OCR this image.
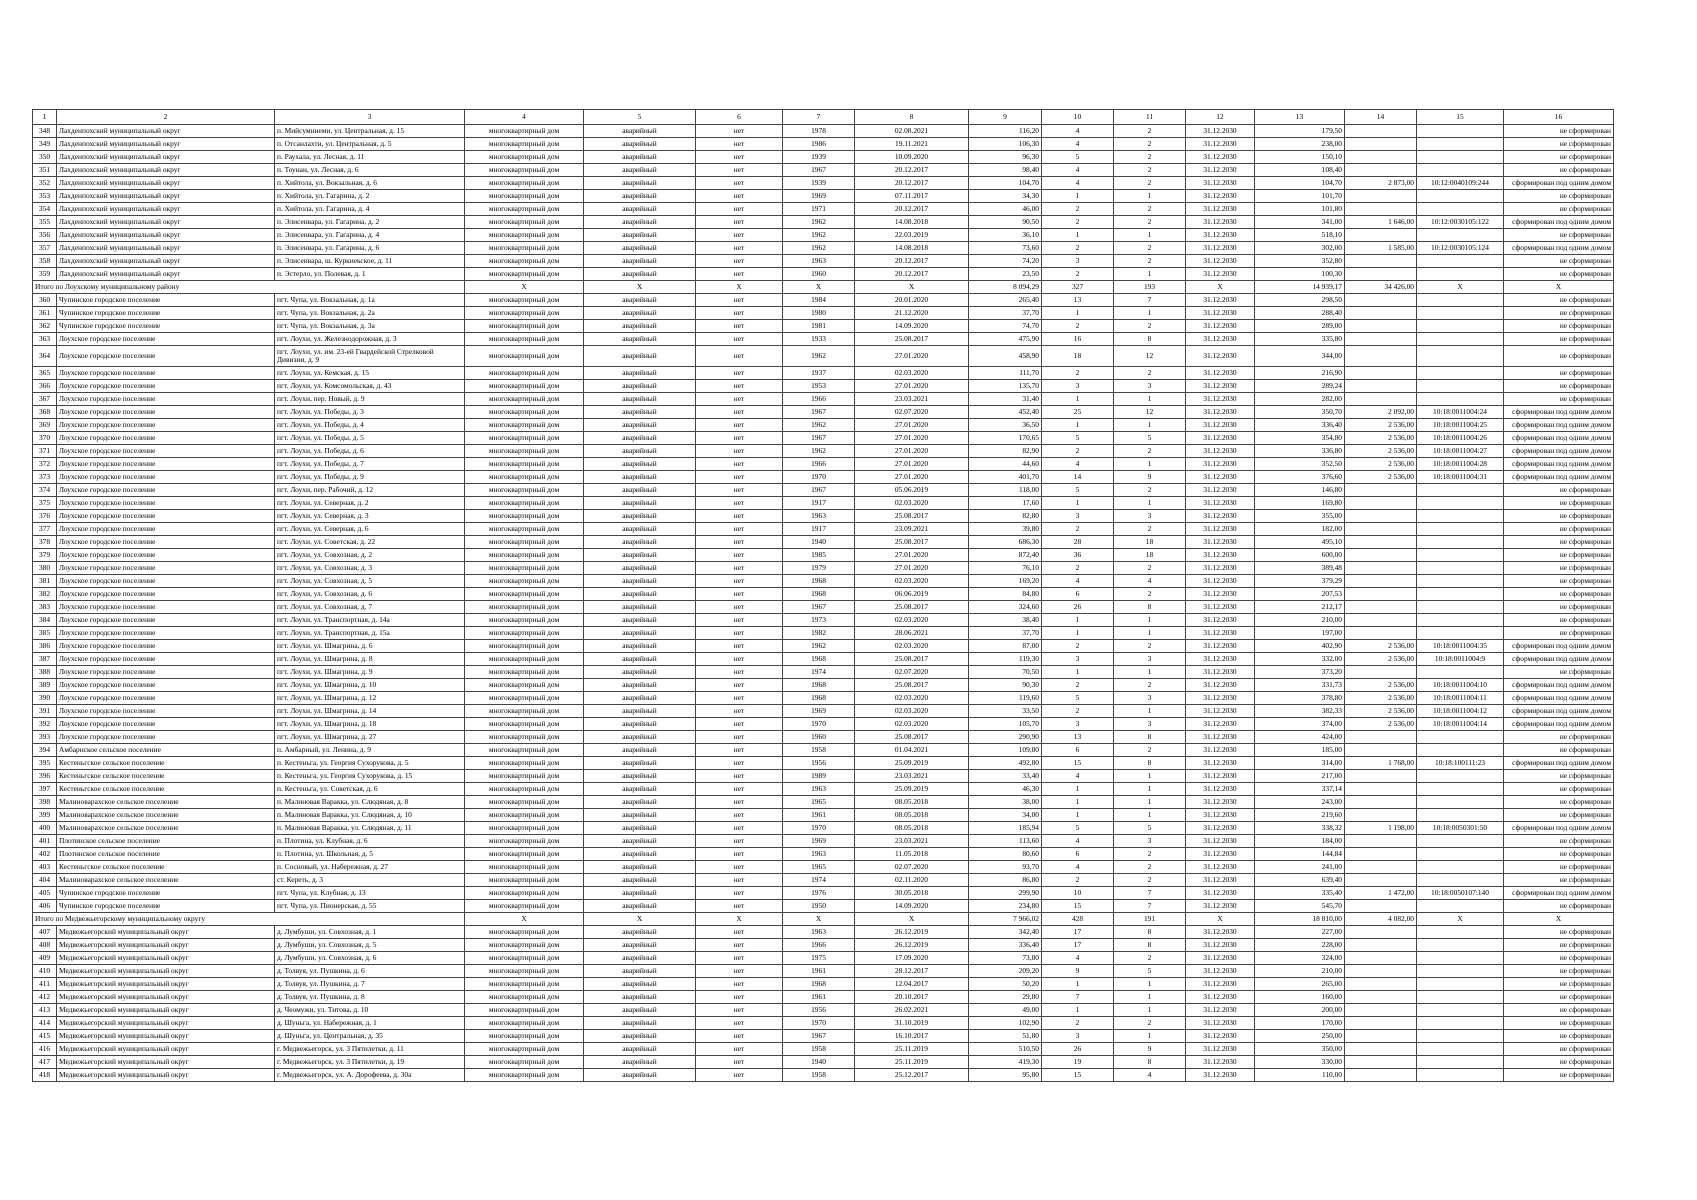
1	2	3	4	5	6	7	8	9	10	11	12	13	14	15	16
348	Лахденпохский муниципальный округ	п. Мийсумниеми, ул. Центральная, д. 15	многоквартирный дом	аварийный	нет	1978	02.08.2021	116,20	4	2	31.12.2030	179,50			не сформирован
349	Лахденпохский муниципальный округ	п. Отсанлахти, ул. Центральная, д. 5	многоквартирный дом	аварийный	нет	1986	19.11.2021	106,30	4	2	31.12.2030	238,00			не сформирован
350	Лахденпохский муниципальный округ	п. Раухала, ул. Лесная, д. 11	многоквартирный дом	аварийный	нет	1939	10.09.2020	96,30	5	2	31.12.2030	150,10			не сформирован
351	Лахденпохский муниципальный округ	п. Тоунан, ул. Лесная, д. 6	многоквартирный дом	аварийный	нет	1967	20.12.2017	98,40	4	2	31.12.2030	108,40			не сформирован
352	Лахденпохский муниципальный округ	п. Хийтола, ул. Вокзальная, д. 6	многоквартирный дом	аварийный	нет	1939	20.12.2017	104,70	4	2	31.12.2030	104,70	2 873,00	10:12:0040109:244	сформирован под одним домом
353	Лахденпохский муниципальный округ	п. Хийтола, ул. Гагарина, д. 2	многоквартирный дом	аварийный	нет	1969	07.11.2017	34,30	1	1	31.12.2030	101,70			не сформирован
354	Лахденпохский муниципальный округ	п. Хийтола, ул. Гагарина, д. 4	многоквартирный дом	аварийный	нет	1971	20.12.2017	46,00	2	2	31.12.2030	101,80			не сформирован
355	Лахденпохский муниципальный округ	п. Элисенвара, ул. Гагарина, д. 2	многоквартирный дом	аварийный	нет	1962	14.08.2018	90,50	2	2	31.12.2030	341,00	1 646,00	10:12:0030105:122	сформирован под одним домом
356	Лахденпохский муниципальный округ	п. Элисенвара, ул. Гагарина, д. 4	многоквартирный дом	аварийный	нет	1962	22.03.2019	36,10	1	1	31.12.2030	518,10			не сформирован
357	Лахденпохский муниципальный округ	п. Элисенвара, ул. Гагарина, д. 6	многоквартирный дом	аварийный	нет	1962	14.08.2018	73,60	2	2	31.12.2030	302,00	1 585,00	10:12:0030105:124	сформирован под одним домом
358	Лахденпохский муниципальный округ	п. Элисенвара, ш. Куркиекское, д. 11	многоквартирный дом	аварийный	нет	1963	20.12.2017	74,20	3	2	31.12.2030	352,80			не сформирован
359	Лахденпохский муниципальный округ	п. Эстерло, ул. Полевая, д. 1	многоквартирный дом	аварийный	нет	1960	20.12.2017	23,50	2	1	31.12.2030	100,30			не сформирован
Итого по Лоухскому муниципальному району			X	X	X	X	X	8 094,29	327	193	X	14 939,17	34 426,00	X	X
360	Чупинское городское поселение	пгт. Чупа, ул. Вокзальная, д. 1а	многоквартирный дом	аварийный	нет	1984	20.01.2020	265,40	13	7	31.12.2030	298,50			не сформирован
361	Чупинское городское поселение	пгт. Чупа, ул. Вокзальная, д. 2а	многоквартирный дом	аварийный	нет	1980	21.12.2020	37,70	1	1	31.12.2030	288,40			не сформирован
362	Чупинское городское поселение	пгт. Чупа, ул. Вокзальная, д. 3а	многоквартирный дом	аварийный	нет	1981	14.09.2020	74,70	2	2	31.12.2030	289,00			не сформирован
363	Лоухское городское поселение	пгт. Лоухи, ул. Железнодорожная, д. 3	многоквартирный дом	аварийный	нет	1933	25.08.2017	475,90	16	8	31.12.2030	335,80			не сформирован
364	Лоухское городское поселение	пгт. Лоухи, ул. им. 23-ей Гвардейской Стрелковой Дивизии, д. 9	многоквартирный дом	аварийный	нет	1962	27.01.2020	458,90	18	12	31.12.2030	344,00			не сформирован
365	Лоухское городское поселение	пгт. Лоухи, ул. Кемская, д. 15	многоквартирный дом	аварийный	нет	1937	02.03.2020	111,70	2	2	31.12.2030	216,90			не сформирован
366	Лоухское городское поселение	пгт. Лоухи, ул. Комсомольская, д. 43	многоквартирный дом	аварийный	нет	1953	27.01.2020	135,70	3	3	31.12.2030	289,24			не сформирован
367	Лоухское городское поселение	пгт. Лоухи, пер. Новый, д. 9	многоквартирный дом	аварийный	нет	1966	23.03.2021	31,40	1	1	31.12.2030	282,00			не сформирован
368	Лоухское городское поселение	пгт. Лоухи, ул. Победы, д. 3	многоквартирный дом	аварийный	нет	1967	02.07.2020	452,40	25	12	31.12.2030	350,70	2 092,00	10:18:0011004:24	сформирован под одним домом
369	Лоухское городское поселение	пгт. Лоухи, ул. Победы, д. 4	многоквартирный дом	аварийный	нет	1962	27.01.2020	36,50	1	1	31.12.2030	336,40	2 536,00	10:18:0011004:25	сформирован под одним домом
370	Лоухское городское поселение	пгт. Лоухи, ул. Победы, д. 5	многоквартирный дом	аварийный	нет	1967	27.01.2020	170,65	5	5	31.12.2030	354,80	2 536,00	10:18:0011004:26	сформирован под одним домом
371	Лоухское городское поселение	пгт. Лоухи, ул. Победы, д. 6	многоквартирный дом	аварийный	нет	1962	27.01.2020	82,90	2	2	31.12.2030	336,80	2 536,00	10:18:0011004:27	сформирован под одним домом
372	Лоухское городское поселение	пгт. Лоухи, ул. Победы, д. 7	многоквартирный дом	аварийный	нет	1966	27.01.2020	44,60	4	1	31.12.2030	352,50	2 536,00	10:18:0011004:28	сформирован под одним домом
373	Лоухское городское поселение	пгт. Лоухи, ул. Победы, д. 9	многоквартирный дом	аварийный	нет	1970	27.01.2020	401,70	14	9	31.12.2030	376,60	2 536,00	10:18:0011004:31	сформирован под одним домом
374	Лоухское городское поселение	пгт. Лоухи, пер. Рабочий, д. 12	многоквартирный дом	аварийный	нет	1967	05.06.2019	118,00	5	2	31.12.2030	146,80			не сформирован
375	Лоухское городское поселение	пгт. Лоухи, ул. Северная, д. 2	многоквартирный дом	аварийный	нет	1917	02.03.2020	17,60	1	1	31.12.2030	169,80			не сформирован
376	Лоухское городское поселение	пгт. Лоухи, ул. Северная, д. 3	многоквартирный дом	аварийный	нет	1963	25.08.2017	82,80	3	3	31.12.2030	355,00			не сформирован
377	Лоухское городское поселение	пгт. Лоухи, ул. Северная, д. 6	многоквартирный дом	аварийный	нет	1917	23.09.2021	39,80	2	2	31.12.2030	182,00			не сформирован
378	Лоухское городское поселение	пгт. Лоухи, ул. Советская, д. 22	многоквартирный дом	аварийный	нет	1940	25.08.2017	686,30	28	18	31.12.2030	495,10			не сформирован
379	Лоухское городское поселение	пгт. Лоухи, ул. Совхозная, д. 2	многоквартирный дом	аварийный	нет	1985	27.01.2020	872,40	36	18	31.12.2030	600,00			не сформирован
380	Лоухское городское поселение	пгт. Лоухи, ул. Совхозная, д. 3	многоквартирный дом	аварийный	нет	1979	27.01.2020	76,10	2	2	31.12.2030	389,48			не сформирован
381	Лоухское городское поселение	пгт. Лоухи, ул. Совхозная, д. 5	многоквартирный дом	аварийный	нет	1968	02.03.2020	169,20	4	4	31.12.2030	379,29			не сформирован
382	Лоухское городское поселение	пгт. Лоухи, ул. Совхозная, д. 6	многоквартирный дом	аварийный	нет	1968	06.06.2019	84,80	6	2	31.12.2030	207,53			не сформирован
383	Лоухское городское поселение	пгт. Лоухи, ул. Совхозная, д. 7	многоквартирный дом	аварийный	нет	1967	25.08.2017	324,60	26	8	31.12.2030	212,17			не сформирован
384	Лоухское городское поселение	пгт. Лоухи, ул. Транспортная, д. 14а	многоквартирный дом	аварийный	нет	1973	02.03.2020	38,40	1	1	31.12.2030	210,00			не сформирован
385	Лоухское городское поселение	пгт. Лоухи, ул. Транспортная, д. 15а	многоквартирный дом	аварийный	нет	1982	28.06.2021	37,70	1	1	31.12.2030	197,00			не сформирован
386	Лоухское городское поселение	пгт. Лоухи, ул. Шмагрина, д. 6	многоквартирный дом	аварийный	нет	1962	02.03.2020	87,00	2	2	31.12.2030	402,90	2 536,00	10:18:0011004:35	сформирован под одним домом
387	Лоухское городское поселение	пгт. Лоухи, ул. Шмагрина, д. 8	многоквартирный дом	аварийный	нет	1968	25.08.2017	119,30	3	3	31.12.2030	332,00	2 536,00	10:18:0011004:9	сформирован под одним домом
388	Лоухское городское поселение	пгт. Лоухи, ул. Шмагрина, д. 9	многоквартирный дом	аварийный	нет	1974	02.07.2020	70,50	1	1	31.12.2030	373,20			не сформирован
389	Лоухское городское поселение	пгт. Лоухи, ул. Шмагрина, д. 10	многоквартирный дом	аварийный	нет	1968	25.08.2017	90,30	2	2	31.12.2030	331,73	2 536,00	10:18:0011004:10	сформирован под одним домом
390	Лоухское городское поселение	пгт. Лоухи, ул. Шмагрина, д. 12	многоквартирный дом	аварийный	нет	1968	02.03.2020	119,60	5	3	31.12.2030	378,80	2 536,00	10:18:0011004:11	сформирован под одним домом
391	Лоухское городское поселение	пгт. Лоухи, ул. Шмагрина, д. 14	многоквартирный дом	аварийный	нет	1969	02.03.2020	33,50	2	1	31.12.2030	382,33	2 536,00	10:18:0011004:12	сформирован под одним домом
392	Лоухское городское поселение	пгт. Лоухи, ул. Шмагрина, д. 18	многоквартирный дом	аварийный	нет	1970	02.03.2020	105,70	3	3	31.12.2030	374,00	2 536,00	10:18:0011004:14	сформирован под одним домом
393	Лоухское городское поселение	пгт. Лоухи, ул. Шмагрина, д. 27	многоквартирный дом	аварийный	нет	1960	25.08.2017	290,90	13	8	31.12.2030	424,00			не сформирован
394	Амбарнское сельское поселение	п. Амбарный, ул. Ленина, д. 9	многоквартирный дом	аварийный	нет	1958	01.04.2021	109,80	6	2	31.12.2030	185,00			не сформирован
395	Кестеньгское сельское поселение	п. Кестеньга, ул. Георгия Сухорукова, д. 5	многоквартирный дом	аварийный	нет	1956	25.09.2019	492,80	15	8	31.12.2030	314,00	1 768,00	10:18:100111:23	сформирован под одним домом
396	Кестеньгское сельское поселение	п. Кестеньга, ул. Георгия Сухорукова, д. 15	многоквартирный дом	аварийный	нет	1989	23.03.2021	33,40	4	1	31.12.2030	217,00			не сформирован
397	Кестеньгское сельское поселение	п. Кестеньга, ул. Советская, д. 6	многоквартирный дом	аварийный	нет	1963	25.09.2019	46,30	1	1	31.12.2030	337,14			не сформирован
398	Малиноварахское сельское поселение	п. Малиновая Варакка, ул. Слюдяная, д. 8	многоквартирный дом	аварийный	нет	1965	08.05.2018	38,00	1	1	31.12.2030	243,00			не сформирован
399	Малиноварахское сельское поселение	п. Малиновая Варакка, ул. Слюдяная, д. 10	многоквартирный дом	аварийный	нет	1961	08.05.2018	34,00	1	1	31.12.2030	219,60			не сформирован
400	Малиноварахское сельское поселение	п. Малиновая Варакка, ул. Слюдяная, д. 11	многоквартирный дом	аварийный	нет	1970	08.05.2018	185,94	5	5	31.12.2030	338,32	1 198,00	10:18:0050301:50	сформирован под одним домом
401	Плотинское сельское поселение	п. Плотина, ул. Клубная, д. 6	многоквартирный дом	аварийный	нет	1969	23.03.2021	113,60	4	3	31.12.2030	184,00			не сформирован
402	Плотинское сельское поселение	п. Плотина, ул. Школьная, д. 5	многоквартирный дом	аварийный	нет	1963	11.05.2018	80,60	6	2	31.12.2030	144,84			не сформирован
403	Кестеньгское сельское поселение	п. Сосновый, ул. Набережная, д. 27	многоквартирный дом	аварийный	нет	1965	02.07.2020	93,70	4	2	31.12.2030	241,00			не сформирован
404	Малиноварахское сельское поселение	ст. Кереть, д. 3	многоквартирный дом	аварийный	нет	1974	02.11.2020	86,80	2	2	31.12.2030	639,40			не сформирован
405	Чупинское городское поселение	пгт. Чупа, ул. Клубная, д. 13	многоквартирный дом	аварийный	нет	1976	30.05.2018	299,90	10	7	31.12.2030	335,40	1 472,00	10:18:0050107:140	сформирован под одним домом
406	Чупинское городское поселение	пгт. Чупа, ул. Пионерская, д. 55	многоквартирный дом	аварийный	нет	1950	14.09.2020	234,80	15	7	31.12.2030	545,70			не сформирован
Итого по Медвежьегорскому муниципальному округу			X	X	X	X	X	7 966,02	428	191	X	18 810,00	4 082,00	X	X
407	Медвежьегорский муниципальный округ	д. Лумбуши, ул. Совхозная, д. 1	многоквартирный дом	аварийный	нет	1963	26.12.2019	342,40	17	8	31.12.2030	227,00			не сформирован
408	Медвежьегорский муниципальный округ	д. Лумбуши, ул. Совхозная, д. 5	многоквартирный дом	аварийный	нет	1966	26.12.2019	336,40	17	8	31.12.2030	228,00			не сформирован
409	Медвежьегорский муниципальный округ	д. Лумбуши, ул. Совхозная, д. 6	многоквартирный дом	аварийный	нет	1975	17.09.2020	73,80	4	2	31.12.2030	324,00			не сформирован
410	Медвежьегорский муниципальный округ	д. Толвуя, ул. Пушкина, д. 6	многоквартирный дом	аварийный	нет	1961	28.12.2017	209,20	9	5	31.12.2030	210,00			не сформирован
411	Медвежьегорский муниципальный округ	д. Толвуя, ул. Пушкина, д. 7	многоквартирный дом	аварийный	нет	1968	12.04.2017	50,20	1	1	31.12.2030	265,00			не сформирован
412	Медвежьегорский муниципальный округ	д. Толвуя, ул. Пушкина, д. 8	многоквартирный дом	аварийный	нет	1961	20.10.2017	29,80	7	1	31.12.2030	160,00			не сформирован
413	Медвежьегорский муниципальный округ	д. Чеомужи, ул. Титова, д. 10	многоквартирный дом	аварийный	нет	1956	26.02.2021	49,00	1	1	31.12.2030	200,00			не сформирован
414	Медвежьегорский муниципальный округ	д. Шуньга, ул. Набережная, д. 1	многоквартирный дом	аварийный	нет	1970	31.10.2019	102,90	2	2	31.12.2030	170,00			не сформирован
415	Медвежьегорский муниципальный округ	д. Шуньга, ул. Центральная, д. 35	многоквартирный дом	аварийный	нет	1967	16.10.2017	51,80	3	1	31.12.2030	250,00			не сформирован
416	Медвежьегорский муниципальный округ	г. Медвежьегорск, ул. 3 Пятилетки, д. 11	многоквартирный дом	аварийный	нет	1958	25.11.2019	510,50	26	9	31.12.2030	350,00			не сформирован
417	Медвежьегорский муниципальный округ	г. Медвежьегорск, ул. 3 Пятилетки, д. 19	многоквартирный дом	аварийный	нет	1940	25.11.2019	419,30	19	8	31.12.2030	330,00			не сформирован
418	Медвежьегорский муниципальный округ	г. Медвежьегорск, ул. А. Дорофеева, д. 30а	многоквартирный дом	аварийный	нет	1958	25.12.2017	95,80	15	4	31.12.2030	110,00			не сформирован
